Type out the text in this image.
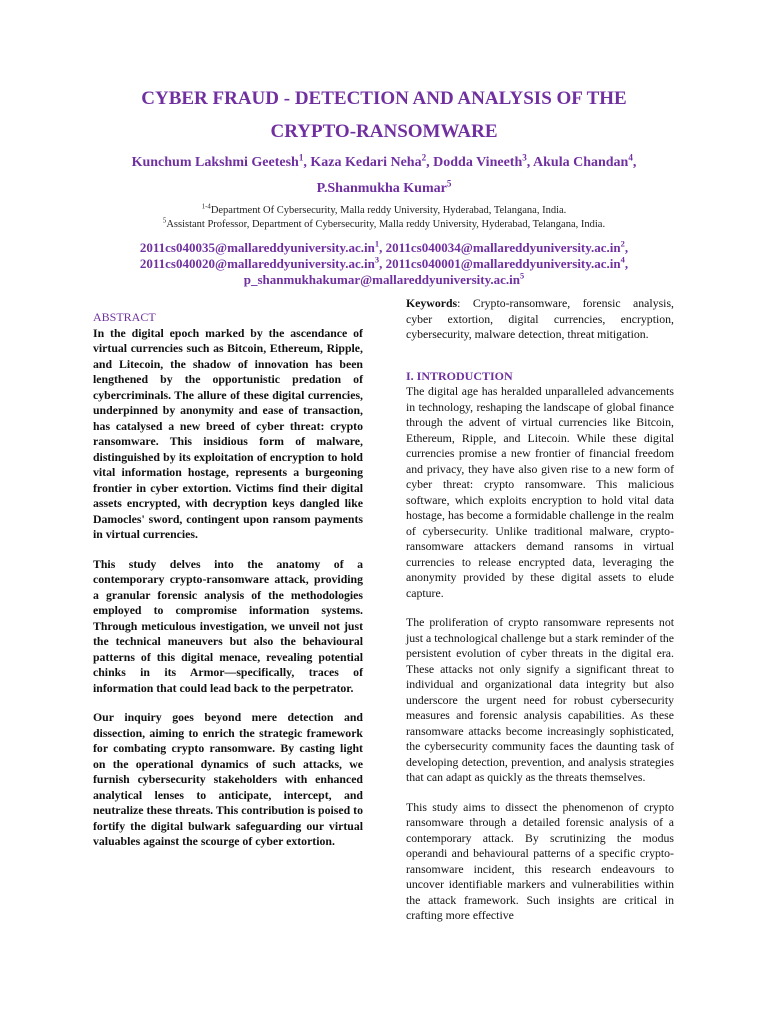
CYBER FRAUD - DETECTION AND ANALYSIS OF THE
CRYPTO-RANSOMWARE
Kunchum Lakshmi Geetesh$^1$, Kaza Kedari Neha$^2$, Dodda Vineeth$^3$, Akula Chandan$^4$,
P.Shanmukha Kumar$^5$
$^{1-4}$Department Of Cybersecurity, Malla reddy University, Hyderabad, Telangana, India.
$^5$Assistant Professor, Department of Cybersecurity, Malla reddy University, Hyderabad, Telangana, India.
$2011cs040035@mallareddyuniversity.ac.in^1$, $2011cs040034@mallareddyuniversity.ac.in^2$,
$2011cs040020@mallareddyuniversity.ac.in^3$, $2011cs040001@mallareddyuniversity.ac.in^4$,
$p\_shanmukhakumar@mallareddyuniversity.ac.in^5$
ABSTRACT

In the digital epoch marked by the ascendance of virtual currencies such as Bitcoin, Ethereum, Ripple, and Litecoin, the shadow of innovation has been lengthened by the opportunistic predation of cybercriminals. The allure of these digital currencies, underpinned by anonymity and ease of transaction, has catalysed a new breed of cyber threat: crypto ransomware. This insidious form of malware, distinguished by its exploitation of encryption to hold vital information hostage, represents a burgeoning frontier in cyber extortion. Victims find their digital assets encrypted, with decryption keys dangled like Damocles' sword, contingent upon ransom payments in virtual currencies.

This study delves into the anatomy of a contemporary crypto-ransomware attack, providing a granular forensic analysis of the methodologies employed to compromise information systems. Through meticulous investigation, we unveil not just the technical maneuvers but also the behavioural patterns of this digital menace, revealing potential chinks in its Armor—specifically, traces of information that could lead back to the perpetrator.

Our inquiry goes beyond mere detection and dissection, aiming to enrich the strategic framework for combating crypto ransomware. By casting light on the operational dynamics of such attacks, we furnish cybersecurity stakeholders with enhanced analytical lenses to anticipate, intercept, and neutralize these threats. This contribution is poised to fortify the digital bulwark safeguarding our virtual valuables against the scourge of cyber extortion.

Keywords: Crypto-ransomware, forensic analysis, cyber extortion, digital currencies, encryption, cybersecurity, malware detection, threat mitigation.

I. INTRODUCTION

The digital age has heralded unparalleled advancements in technology, reshaping the landscape of global finance through the advent of virtual currencies like Bitcoin, Ethereum, Ripple, and Litecoin. While these digital currencies promise a new frontier of financial freedom and privacy, they have also given rise to a new form of cyber threat: crypto ransomware. This malicious software, which exploits encryption to hold vital data hostage, has become a formidable challenge in the realm of cybersecurity. Unlike traditional malware, crypto-ransomware attackers demand ransoms in virtual currencies to release encrypted data, leveraging the anonymity provided by these digital assets to elude capture.

The proliferation of crypto ransomware represents not just a technological challenge but a stark reminder of the persistent evolution of cyber threats in the digital era. These attacks not only signify a significant threat to individual and organizational data integrity but also underscore the urgent need for robust cybersecurity measures and forensic analysis capabilities. As these ransomware attacks become increasingly sophisticated, the cybersecurity community faces the daunting task of developing detection, prevention, and analysis strategies that can adapt as quickly as the threats themselves.

This study aims to dissect the phenomenon of crypto ransomware through a detailed forensic analysis of a contemporary attack. By scrutinizing the modus operandi and behavioural patterns of a specific crypto-ransomware incident, this research endeavours to uncover identifiable markers and vulnerabilities within the attack framework. Such insights are critical in crafting more effective
